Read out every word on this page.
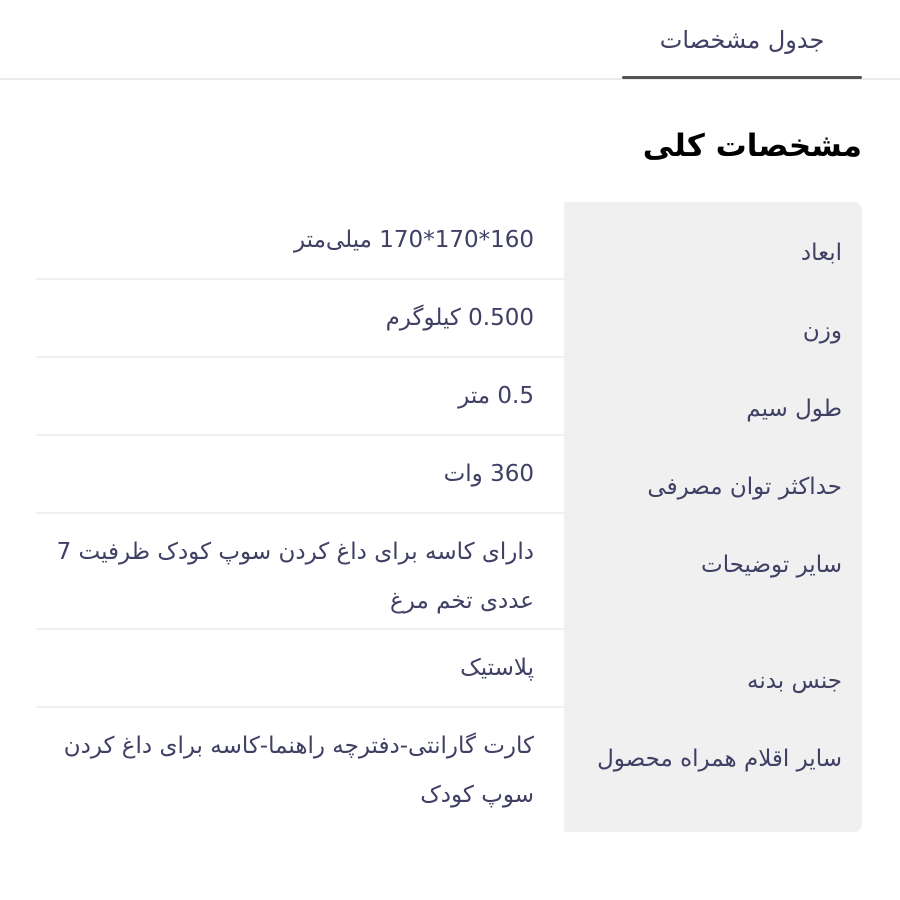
جدول مشخصات
مشخصات کلی
ابعاد
160*170*170 میلی‌متر
وزن
0.500 کیلوگرم
طول سیم
0.5 متر
حداکثر توان مصرفی
360 وات
سایر توضیحات
دارای کاسه برای داغ کردن سوپ کودک ظرفیت 7 عددی تخم مرغ
جنس بدنه
پلاستیک
سایر اقلام همراه محصول
کارت گارانتی-دفترچه راهنما-کاسه برای داغ کردن سوپ کودک
